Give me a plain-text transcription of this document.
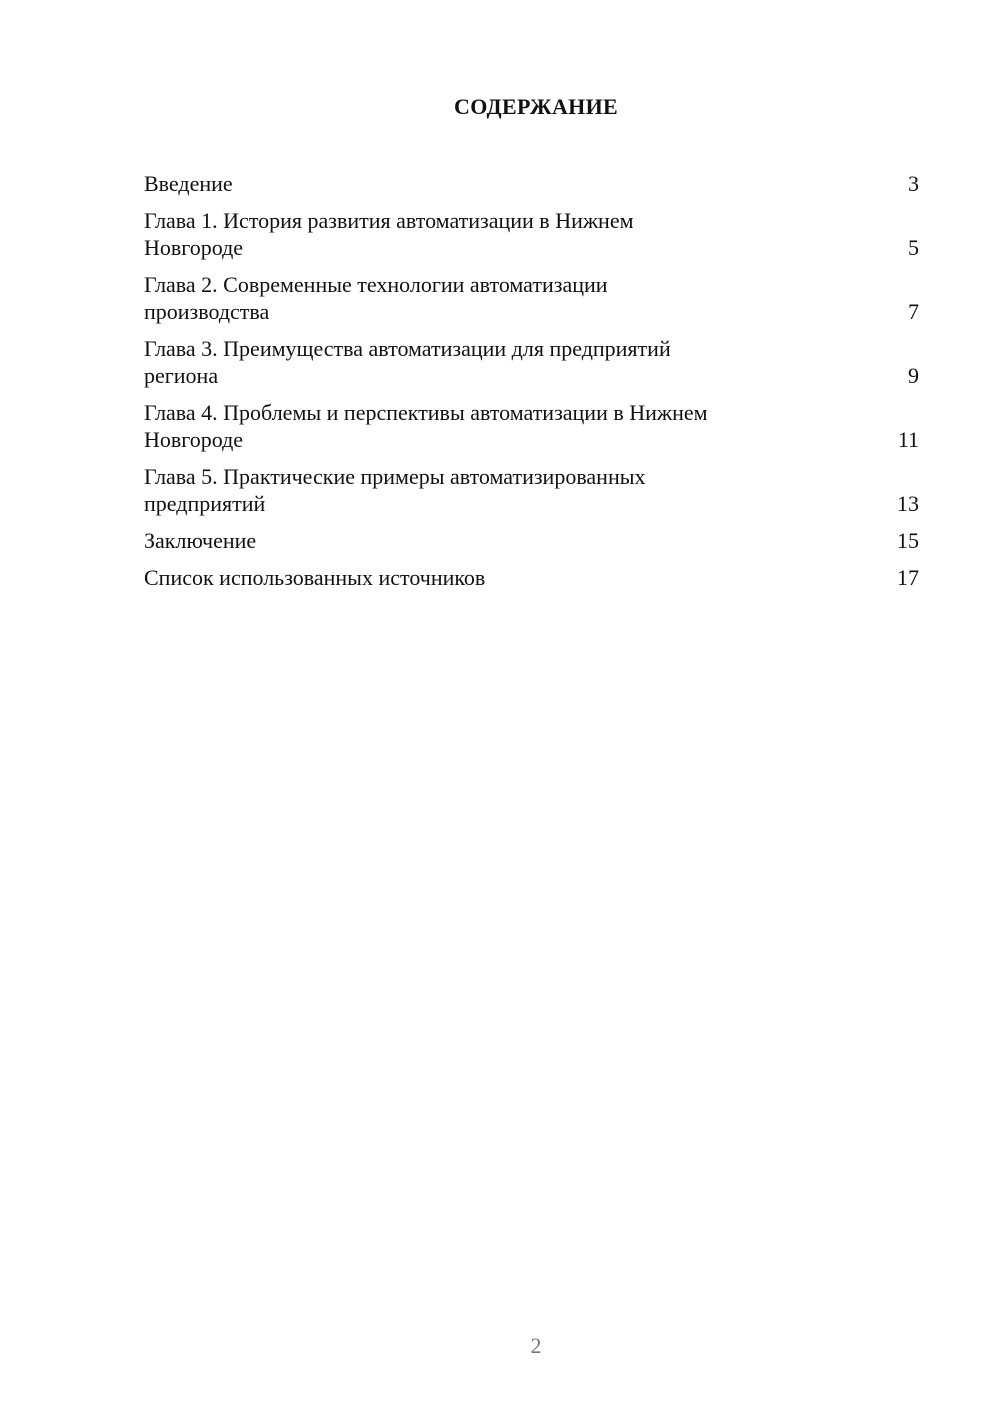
СОДЕРЖАНИЕ
Введение	3
Глава 1. История развития автоматизации в Нижнем
Новгороде	5
Глава 2. Современные технологии автоматизации
производства	7
Глава 3. Преимущества автоматизации для предприятий
региона	9
Глава 4. Проблемы и перспективы автоматизации в Нижнем
Новгороде	11
Глава 5. Практические примеры автоматизированных
предприятий	13
Заключение	15
Список использованных источников	17
2
